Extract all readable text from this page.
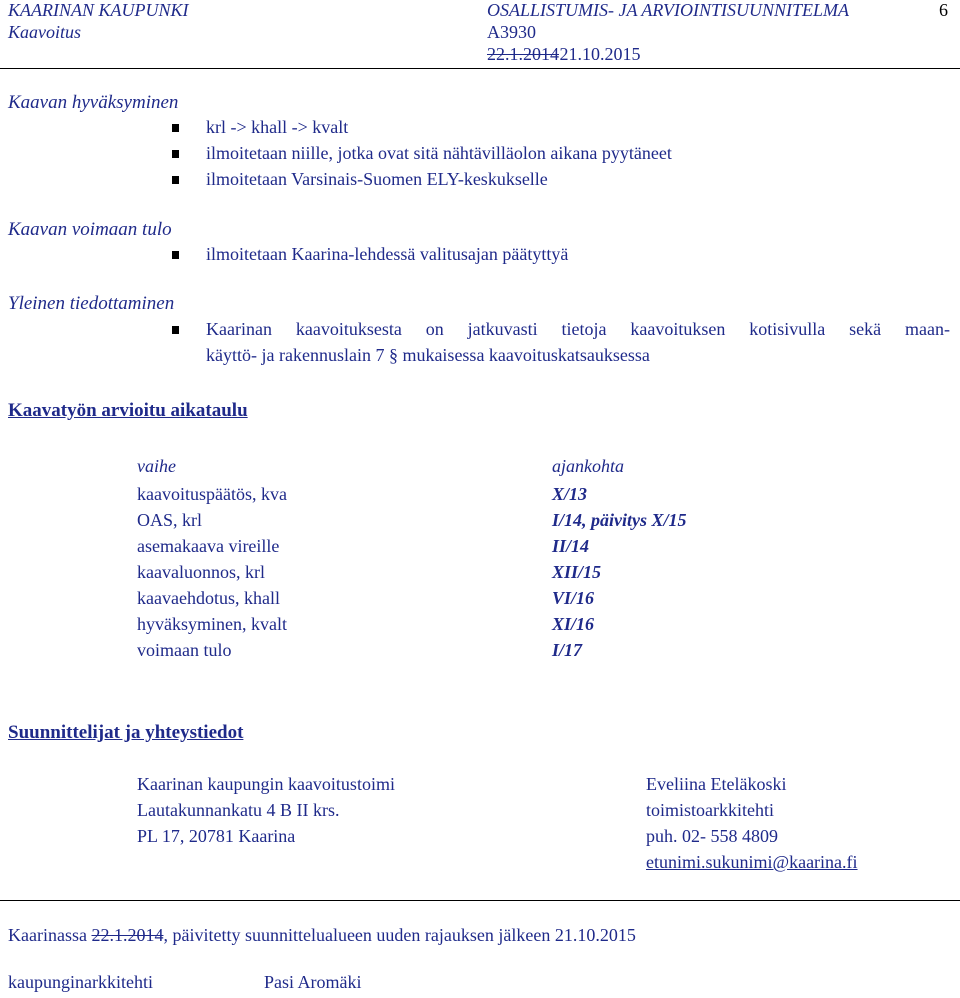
KAARINAN KAUPUNKI
Kaavoitus
OSALLISTUMIS- JA ARVIOINTISUUNNITELMA
A3930
22.1.2014 21.10.2015
6
Kaavan hyväksyminen
krl -> khall -> kvalt
ilmoitetaan niille, jotka ovat sitä nähtävilläolon aikana pyytäneet
ilmoitetaan Varsinais-Suomen ELY-keskukselle
Kaavan voimaan tulo
ilmoitetaan Kaarina-lehdessä valitusajan päätyttyä
Yleinen tiedottaminen
Kaarinan kaavoituksesta on jatkuvasti tietoja kaavoituksen kotisivulla sekä maan-
käyttö- ja rakennuslain 7 § mukaisessa kaavoituskatsauksessa
Kaavatyön arvioitu aikataulu
vaihe	ajankohta
kaavoituspäätös, kva	X/13
OAS, krl	I/14, päivitys X/15
asemakaava vireille	II/14
kaavaluonnos, krl	XII/15
kaavaehdotus, khall	VI/16
hyväksyminen, kvalt	XI/16
voimaan tulo	I/17
Suunnittelijat ja yhteystiedot
Kaarinan kaupungin kaavoitustoimi
Lautakunnankatu 4 B II krs.
PL 17, 20781 Kaarina
Eveliina Eteläkoski
toimistoarkkitehti
puh. 02- 558 4809
etunimi.sukunimi@kaarina.fi
Kaarinassa 22.1.2014, päivitetty suunnittelualueen uuden rajauksen jälkeen 21.10.2015
kaupunginarkkitehti	Pasi Aromäki
